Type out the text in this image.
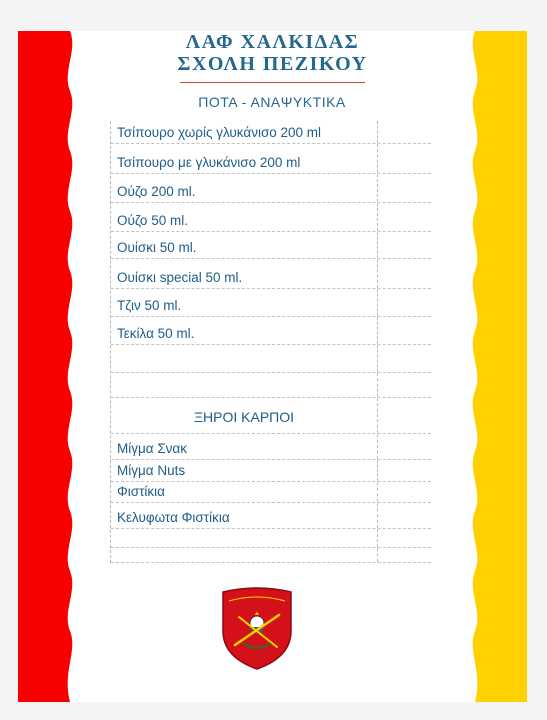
ΛΑΦ ΧΑΛΚΙΔΑΣ
ΣΧΟΛΗ ΠΕΖΙΚΟΥ
ΠΟΤΑ - ΑΝΑΨΥΚΤΙΚΑ
Τσίπουρο χωρίς γλυκάνισο 200 ml
Τσίπουρο με γλυκάνισο 200 ml
Ούζο 200 ml.
Ούζο 50 ml.
Ουίσκι 50 ml.
Ουίσκι special 50 ml.
Τζιν 50 ml.
Τεκίλα 50 ml.
ΞΗΡΟΙ ΚΑΡΠΟΙ
Μίγμα Σνακ
Μίγμα Nuts
Φιστίκια
Κελυφωτα Φιστίκια
